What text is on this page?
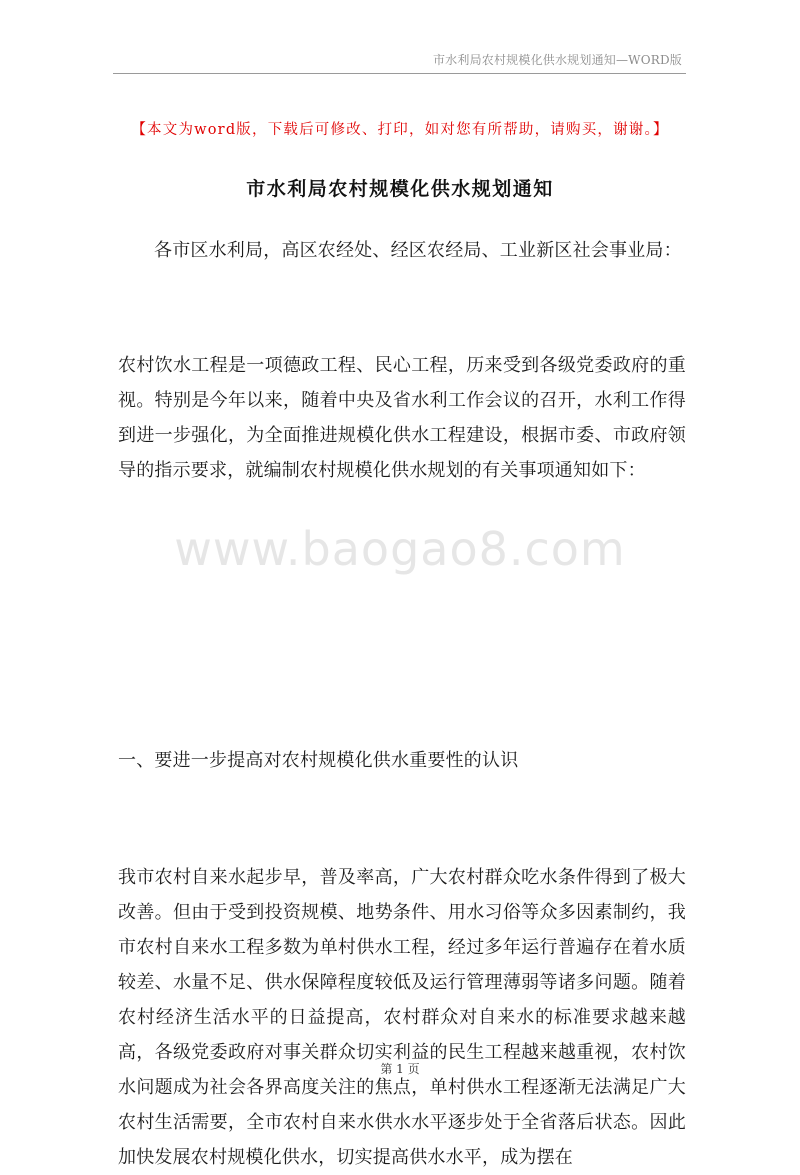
市水利局农村规模化供水规划通知—WORD版
【本文为word版，下载后可修改、打印，如对您有所帮助，请购买，谢谢。】
市水利局农村规模化供水规划通知
www.baogao8.com
各市区水利局，高区农经处、经区农经局、工业新区社会事业局：
农村饮水工程是一项德政工程、民心工程，历来受到各级党委政府的重视。特别是今年以来，随着中央及省水利工作会议的召开，水利工作得到进一步强化，为全面推进规模化供水工程建设，根据市委、市政府领导的指示要求，就编制农村规模化供水规划的有关事项通知如下：
一、要进一步提高对农村规模化供水重要性的认识
我市农村自来水起步早，普及率高，广大农村群众吃水条件得到了极大改善。但由于受到投资规模、地势条件、用水习俗等众多因素制约，我市农村自来水工程多数为单村供水工程，经过多年运行普遍存在着水质较差、水量不足、供水保障程度较低及运行管理薄弱等诸多问题。随着农村经济生活水平的日益提高，农村群众对自来水的标准要求越来越高，各级党委政府对事关群众切实利益的民生工程越来越重视，农村饮水问题成为社会各界高度关注的焦点，单村供水工程逐渐无法满足广大农村生活需要，全市农村自来水供水水平逐步处于全省落后状态。因此加快发展农村规模化供水，切实提高供水水平，成为摆在
第 1 页
